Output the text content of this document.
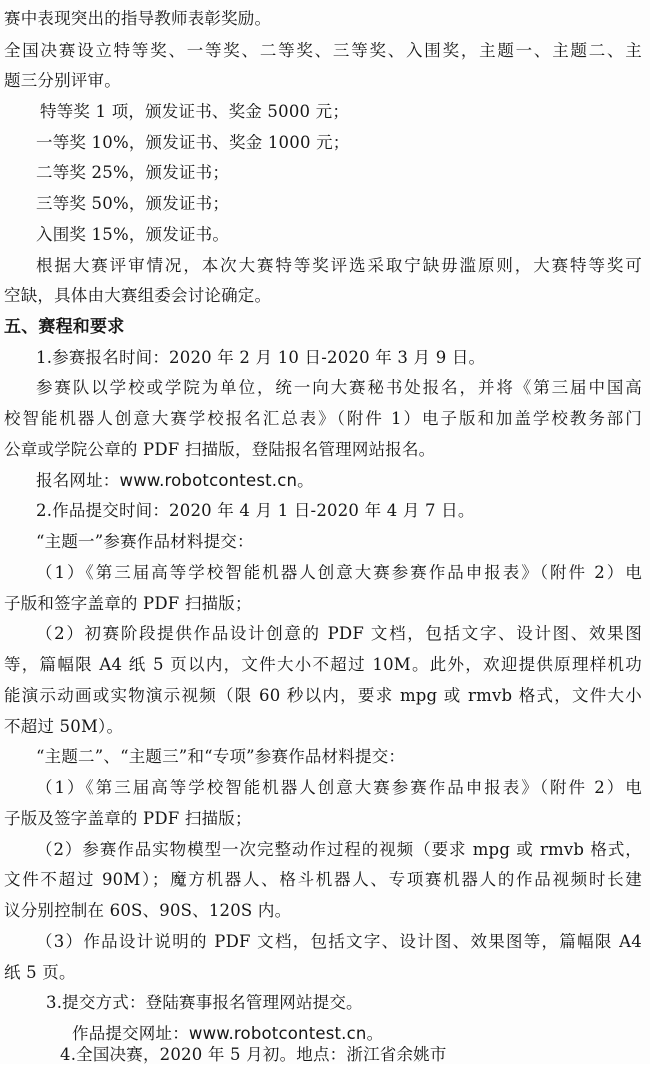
赛中表现突出的指导教师表彰奖励。
全国决赛设立特等奖、一等奖、二等奖、三等奖、入围奖，主题一、主题二、主
题三分别评审。
特等奖 1 项，颁发证书、奖金 5000 元；
一等奖 10%，颁发证书、奖金 1000 元；
二等奖 25%，颁发证书；
三等奖 50%，颁发证书；
入围奖 15%，颁发证书。
根据大赛评审情况，本次大赛特等奖评选采取宁缺毋滥原则，大赛特等奖可
空缺，具体由大赛组委会讨论确定。
五、赛程和要求
1.参赛报名时间：2020 年 2 月 10 日-2020 年 3 月 9 日。
参赛队以学校或学院为单位，统一向大赛秘书处报名，并将《第三届中国高
校智能机器人创意大赛学校报名汇总表》（附件 1）电子版和加盖学校教务部门
公章或学院公章的 PDF 扫描版，登陆报名管理网站报名。
报名网址：www.robotcontest.cn。
2.作品提交时间：2020 年 4 月 1 日-2020 年 4 月 7 日。
“主题一”参赛作品材料提交：
（1）《第三届高等学校智能机器人创意大赛参赛作品申报表》（附件 2）电
子版和签字盖章的 PDF 扫描版；
（2）初赛阶段提供作品设计创意的 PDF 文档，包括文字、设计图、效果图
等，篇幅限 A4 纸 5 页以内，文件大小不超过 10M。此外，欢迎提供原理样机功
能演示动画或实物演示视频（限 60 秒以内，要求 mpg 或 rmvb 格式，文件大小
不超过 50M）。
“主题二”、“主题三”和“专项”参赛作品材料提交：
（1）《第三届高等学校智能机器人创意大赛参赛作品申报表》（附件 2）电
子版及签字盖章的 PDF 扫描版；
（2）参赛作品实物模型一次完整动作过程的视频（要求 mpg 或 rmvb 格式，
文件不超过 90M）；魔方机器人、格斗机器人、专项赛机器人的作品视频时长建
议分别控制在 60S、90S、120S 内。
（3）作品设计说明的 PDF 文档，包括文字、设计图、效果图等，篇幅限 A4
纸 5 页。
3.提交方式：登陆赛事报名管理网站提交。
作品提交网址：www.robotcontest.cn。
4.全国决赛，2020 年 5 月初。地点：浙江省余姚市
